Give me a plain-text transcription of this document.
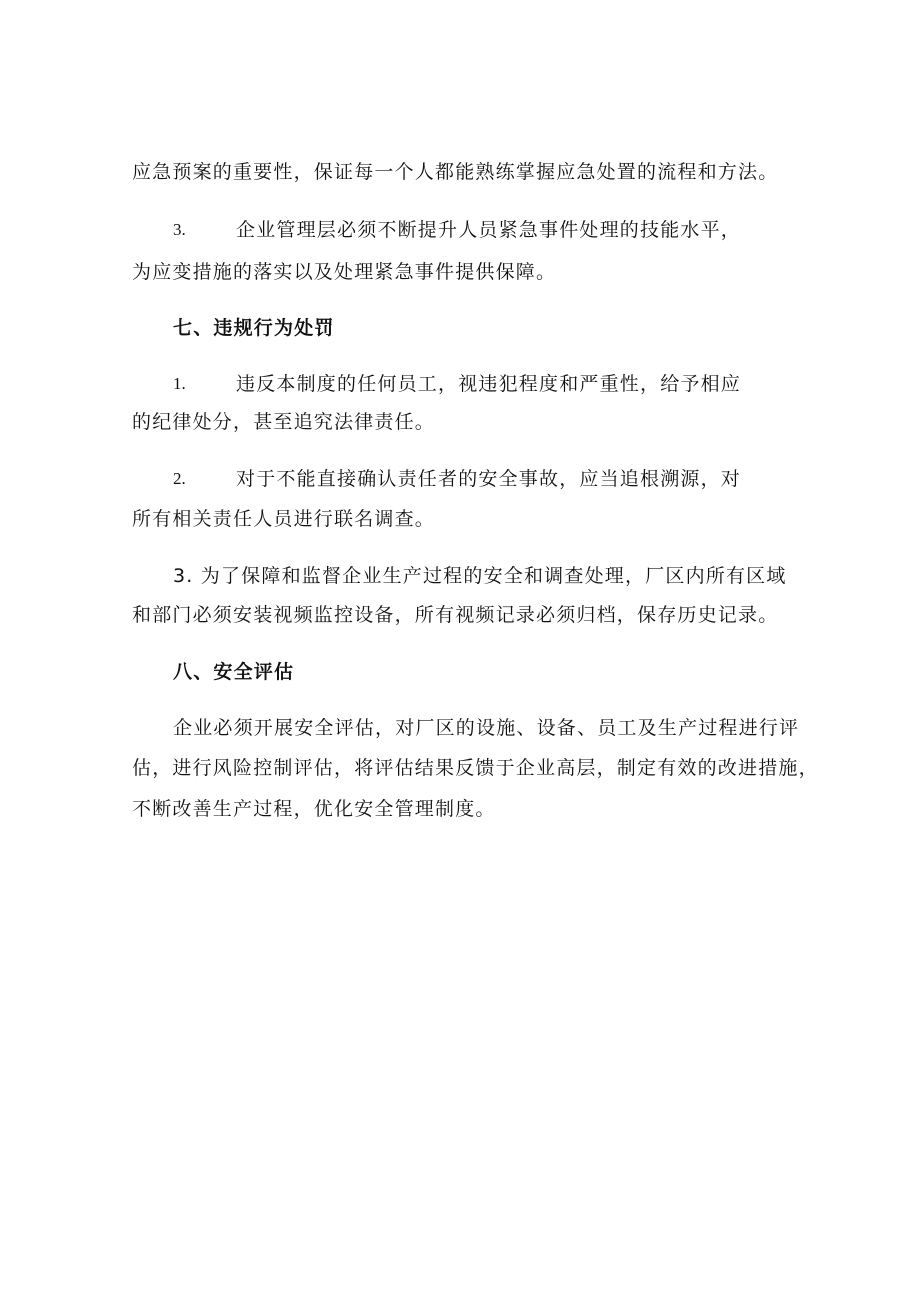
应急预案的重要性，保证每一个人都能熟练掌握应急处置的流程和方法。
3.	企业管理层必须不断提升人员紧急事件处理的技能水平，
为应变措施的落实以及处理紧急事件提供保障。
七、违规行为处罚
1.	违反本制度的任何员工，视违犯程度和严重性，给予相应
的纪律处分，甚至追究法律责任。
2.	对于不能直接确认责任者的安全事故，应当追根溯源，对
所有相关责任人员进行联名调查。
3. 为了保障和监督企业生产过程的安全和调查处理，厂区内所有区域
和部门必须安装视频监控设备，所有视频记录必须归档，保存历史记录。
八、安全评估
企业必须开展安全评估，对厂区的设施、设备、员工及生产过程进行评
估，进行风险控制评估，将评估结果反馈于企业高层，制定有效的改进措施，
不断改善生产过程，优化安全管理制度。
